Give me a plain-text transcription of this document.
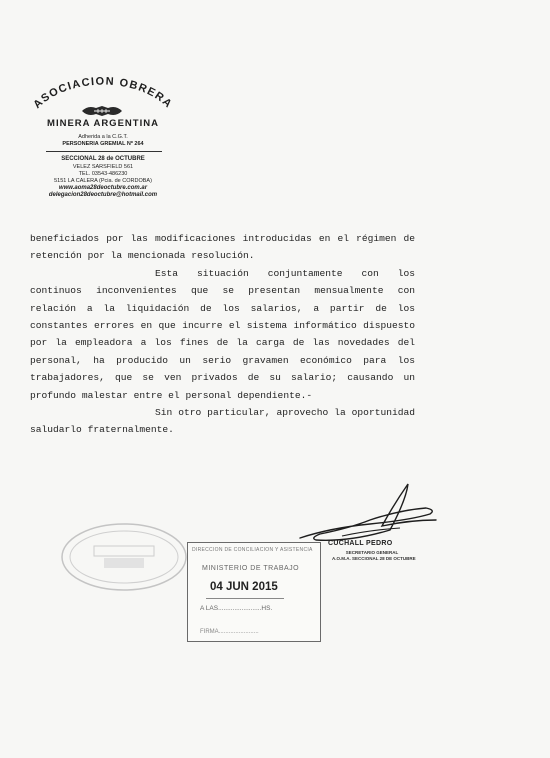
ASOCIACION OBRERA
MINERA ARGENTINA
Adherida a la C.G.T.
PERSONERIA GREMIAL Nº 264
SECCIONAL 28 de OCTUBRE
VELEZ SARSFIELD 561
TEL. 03543-486230
5151 LA CALERA (Pcia. de CORDOBA)
www.aoma28deoctubre.com.ar
delegacion28deoctubre@hotmail.com

beneficiados por las modificaciones introducidas en el régimen de retención por la mencionada resolución.

Esta situación conjuntamente con los continuos inconvenientes que se presentan mensualmente con relación a la liquidación de los salarios, a partir de los constantes errores en que incurre el sistema informático dispuesto por la empleadora a los fines de la carga de las novedades del personal, ha producido un serio gravamen económico para los trabajadores, que se ven privados de su salario; causando un profundo malestar entre el personal dependiente.-

Sin otro particular, aprovecho la oportunidad saludarlo fraternalmente.

CUCHALL PEDRO
SECRETARIO GENERAL
A.O.M.A. SECCIONAL 28 DE OCTUBRE
DIRECCION DE CONCILIACION Y ASISTENCIA
MINISTERIO DE TRABAJO
04 JUN 2015
A LAS........................HS.
FIRMA........................
